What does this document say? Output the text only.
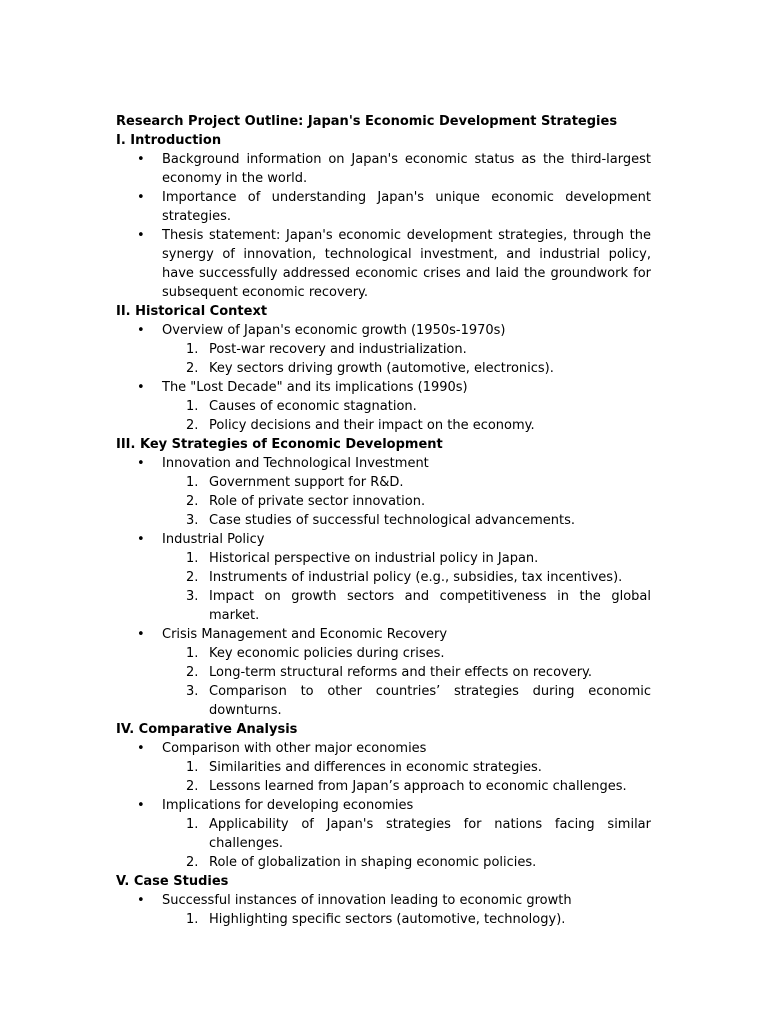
Research Project Outline: Japan's Economic Development Strategies
I. Introduction
• Background information on Japan's economic status as the third-largest economy in the world.
• Importance of understanding Japan's unique economic development strategies.
• Thesis statement: Japan's economic development strategies, through the synergy of innovation, technological investment, and industrial policy, have successfully addressed economic crises and laid the groundwork for subsequent economic recovery.
II. Historical Context
• Overview of Japan's economic growth (1950s-1970s)
1. Post-war recovery and industrialization.
2. Key sectors driving growth (automotive, electronics).
• The "Lost Decade" and its implications (1990s)
1. Causes of economic stagnation.
2. Policy decisions and their impact on the economy.
III. Key Strategies of Economic Development
• Innovation and Technological Investment
1. Government support for R&D.
2. Role of private sector innovation.
3. Case studies of successful technological advancements.
• Industrial Policy
1. Historical perspective on industrial policy in Japan.
2. Instruments of industrial policy (e.g., subsidies, tax incentives).
3. Impact on growth sectors and competitiveness in the global market.
• Crisis Management and Economic Recovery
1. Key economic policies during crises.
2. Long-term structural reforms and their effects on recovery.
3. Comparison to other countries’ strategies during economic downturns.
IV. Comparative Analysis
• Comparison with other major economies
1. Similarities and differences in economic strategies.
2. Lessons learned from Japan’s approach to economic challenges.
• Implications for developing economies
1. Applicability of Japan's strategies for nations facing similar challenges.
2. Role of globalization in shaping economic policies.
V. Case Studies
• Successful instances of innovation leading to economic growth
1. Highlighting specific sectors (automotive, technology).
